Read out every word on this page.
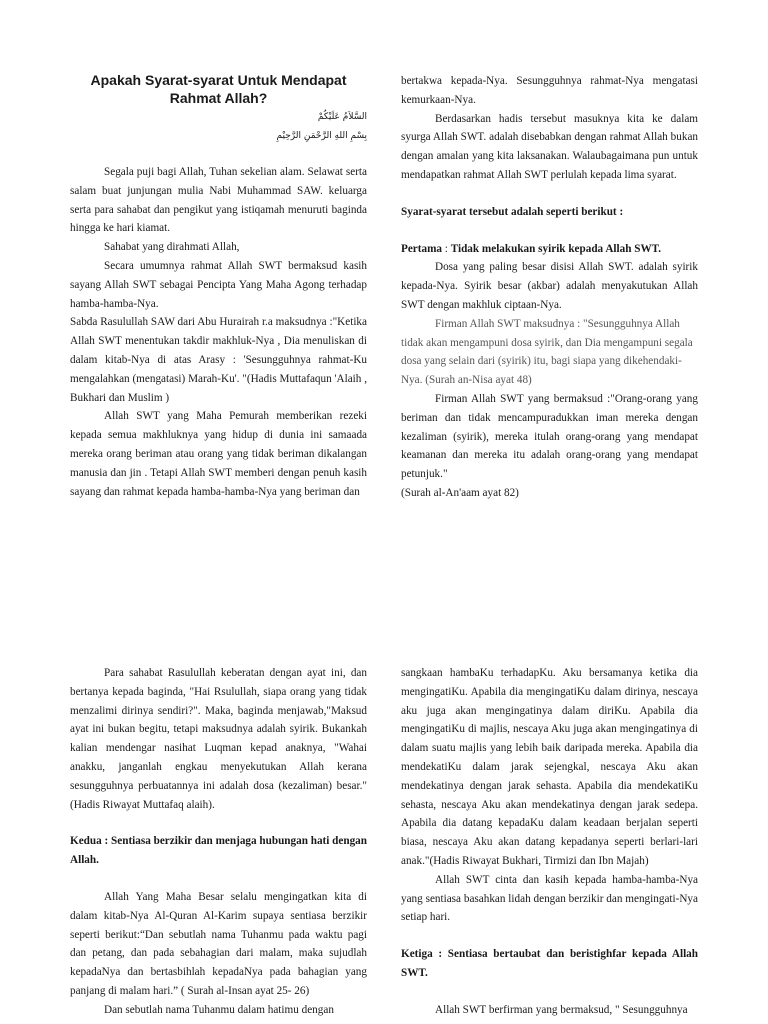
Apakah Syarat-syarat Untuk Mendapat Rahmat Allah?
السَّلاَمُ عَلَيْكُمْ
بِسْمِ اللهِ الرَّحْمَنِ الرَّحِيْمِ

Segala puji bagi Allah, Tuhan sekelian alam. Selawat serta salam buat junjungan mulia Nabi Muhammad SAW. keluarga serta para sahabat dan pengikut yang istiqamah menuruti baginda hingga ke hari kiamat.

Sahabat yang dirahmati Allah,

Secara umumnya rahmat Allah SWT bermaksud kasih sayang Allah SWT sebagai Pencipta Yang Maha Agong terhadap hamba-hamba-Nya.

Sabda Rasulullah SAW dari Abu Hurairah r.a maksudnya :"Ketika Allah SWT menentukan takdir makhluk-Nya , Dia menuliskan di dalam kitab-Nya di atas Arasy : 'Sesungguhnya rahmat-Ku mengalahkan (mengatasi) Marah-Ku'. "(Hadis Muttafaqun 'Alaih , Bukhari dan Muslim )

Allah SWT yang Maha Pemurah memberikan rezeki kepada semua makhluknya yang hidup di dunia ini samaada mereka orang beriman atau orang yang tidak beriman dikalangan manusia dan jin . Tetapi Allah SWT memberi dengan penuh kasih sayang dan rahmat kepada hamba-hamba-Nya yang beriman dan

bertakwa kepada-Nya. Sesungguhnya rahmat-Nya mengatasi kemurkaan-Nya.

Berdasarkan hadis tersebut masuknya kita ke dalam syurga Allah SWT. adalah disebabkan dengan rahmat Allah bukan dengan amalan yang kita laksanakan. Walaubagaimana pun untuk mendapatkan rahmat Allah SWT perlulah kepada lima syarat.

Syarat-syarat tersebut adalah seperti berikut :

Pertama : Tidak melakukan syirik kepada Allah SWT.

Dosa yang paling besar disisi Allah SWT. adalah syirik kepada-Nya. Syirik besar (akbar) adalah menyakutukan Allah SWT dengan makhluk ciptaan-Nya.

Firman Allah SWT maksudnya : "Sesungguhnya Allah tidak akan mengampuni dosa syirik, dan Dia mengampuni segala dosa yang selain dari (syirik) itu, bagi siapa yang dikehendaki-Nya. (Surah an-Nisa ayat 48)

Firman Allah SWT yang bermaksud :"Orang-orang yang beriman dan tidak mencampuradukkan iman mereka dengan kezaliman (syirik), mereka itulah orang-orang yang mendapat keamanan dan mereka itu adalah orang-orang yang mendapat petunjuk."

(Surah al-An'aam ayat 82)

Para sahabat Rasulullah keberatan dengan ayat ini, dan bertanya kepada baginda, "Hai Rsulullah, siapa orang yang tidak menzalimi dirinya sendiri?". Maka, baginda menjawab,"Maksud ayat ini bukan begitu, tetapi maksudnya adalah syirik. Bukankah kalian mendengar nasihat Luqman kepad anaknya, "Wahai anakku, janganlah engkau menyekutukan Allah kerana sesungguhnya perbuatannya ini adalah dosa (kezaliman) besar."(Hadis Riwayat Muttafaq alaih).

Kedua : Sentiasa berzikir dan menjaga hubungan hati dengan Allah.

Allah Yang Maha Besar selalu mengingatkan kita di dalam kitab-Nya Al-Quran Al-Karim supaya sentiasa berzikir seperti berikut:“Dan sebutlah nama Tuhanmu pada waktu pagi dan petang, dan pada sebahagian dari malam, maka sujudlah kepadaNya dan bertasbihlah kepadaNya pada bahagian yang panjang di malam hari.” ( Surah al-Insan ayat 25- 26)

Dan sebutlah nama Tuhanmu dalam hatimu dengan

sangkaan hambaKu terhadapKu. Aku bersamanya ketika dia mengingatiKu. Apabila dia mengingatiKu dalam dirinya, nescaya aku juga akan mengingatinya dalam diriKu. Apabila dia mengingatiKu di majlis, nescaya Aku juga akan mengingatinya di dalam suatu majlis yang lebih baik daripada mereka. Apabila dia mendekatiKu dalam jarak sejengkal, nescaya Aku akan mendekatinya dengan jarak sehasta. Apabila dia mendekatiKu sehasta, nescaya Aku akan mendekatinya dengan jarak sedepa. Apabila dia datang kepadaKu dalam keadaan berjalan seperti biasa, nescaya Aku akan datang kepadanya seperti berlari-lari anak."(Hadis Riwayat Bukhari, Tirmizi dan Ibn Majah)

Allah SWT cinta dan kasih kepada hamba-hamba-Nya yang sentiasa basahkan lidah dengan berzikir dan mengingati-Nya setiap hari.

Ketiga : Sentiasa bertaubat dan beristighfar kepada Allah SWT.

Allah SWT berfirman yang bermaksud, " Sesungguhnya
